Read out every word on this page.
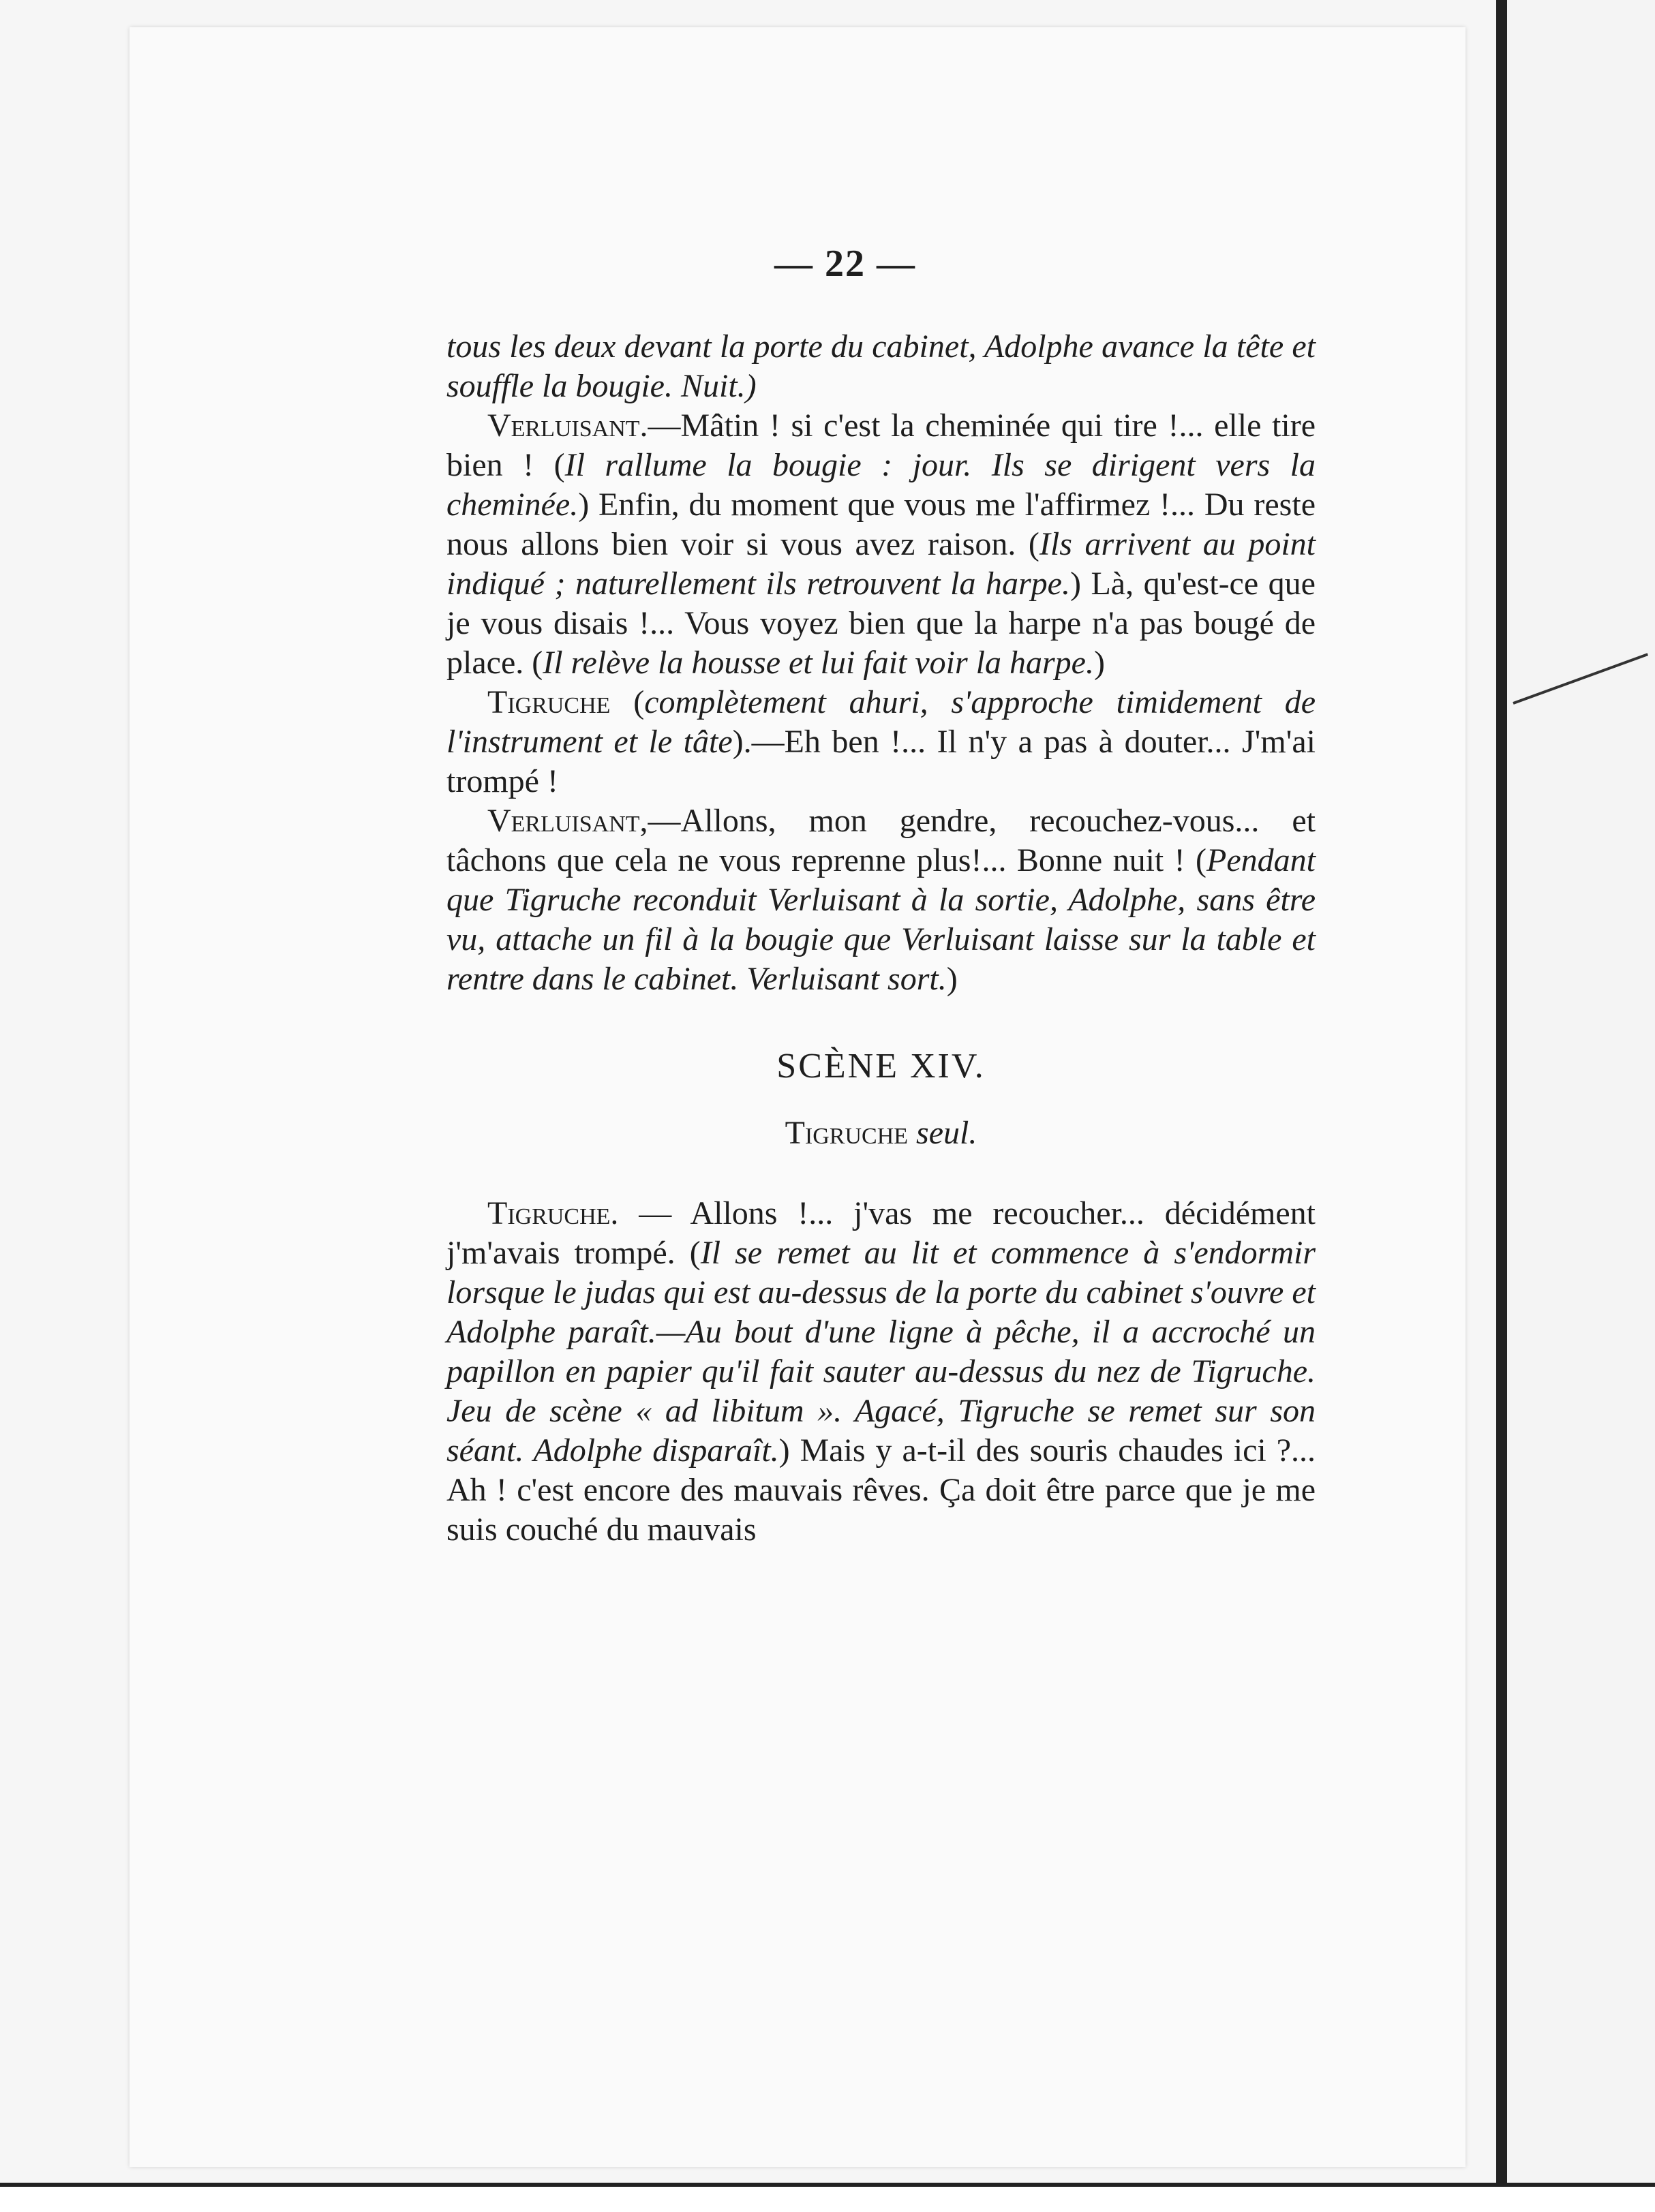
— 22 —

tous les deux devant la porte du cabinet, Adolphe avance la tête et souffle la bougie. Nuit.)

Verluisant.—Mâtin ! si c'est la cheminée qui tire !... elle tire bien ! (Il rallume la bougie : jour. Ils se dirigent vers la cheminée.) Enfin, du moment que vous me l'affirmez !... Du reste nous allons bien voir si vous avez raison. (Ils arrivent au point indiqué ; naturellement ils retrouvent la harpe.) Là, qu'est-ce que je vous disais !... Vous voyez bien que la harpe n'a pas bougé de place. (Il relève la housse et lui fait voir la harpe.)

Tigruche (complètement ahuri, s'approche timidement de l'instrument et le tâte).—Eh ben !... Il n'y a pas à douter... J'm'ai trompé !

Verluisant,—Allons, mon gendre, recouchez-vous... et tâchons que cela ne vous reprenne plus!... Bonne nuit ! (Pendant que Tigruche reconduit Verluisant à la sortie, Adolphe, sans être vu, attache un fil à la bougie que Verluisant laisse sur la table et rentre dans le cabinet. Verluisant sort.)

SCÈNE XIV.

Tigruche seul.

Tigruche. — Allons !... j'vas me recoucher... décidément j'm'avais trompé. (Il se remet au lit et commence à s'endormir lorsque le judas qui est au-dessus de la porte du cabinet s'ouvre et Adolphe paraît.—Au bout d'une ligne à pêche, il a accroché un papillon en papier qu'il fait sauter au-dessus du nez de Tigruche. Jeu de scène « ad libitum ». Agacé, Tigruche se remet sur son séant. Adolphe disparaît.) Mais y a-t-il des souris chaudes ici ?... Ah ! c'est encore des mauvais rêves. Ça doit être parce que je me suis couché du mauvais
